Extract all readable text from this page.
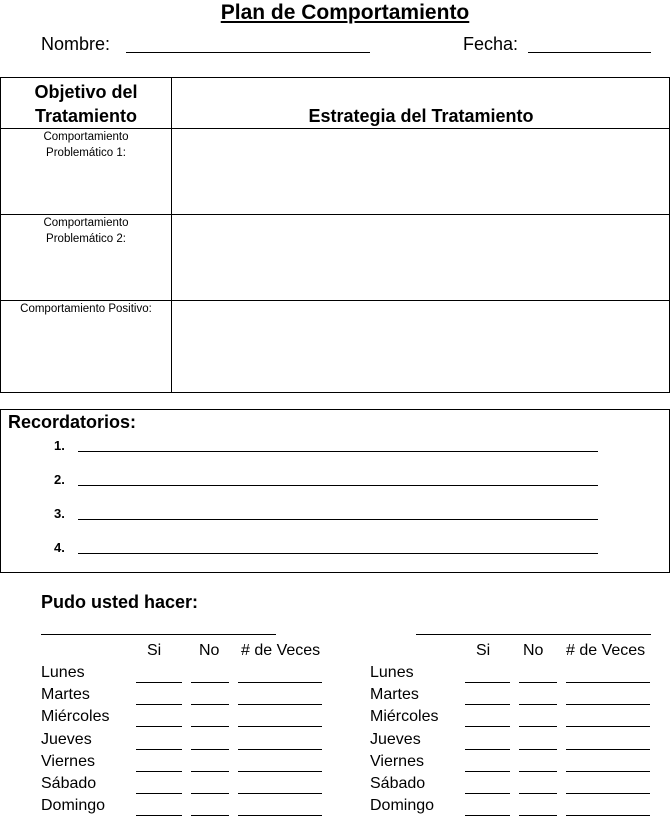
Plan de Comportamiento
Nombre:	Fecha:
Objetivo del
Tratamiento	Estrategia del Tratamiento
Comportamiento
Problemático 1:
Comportamiento
Problemático 2:
Comportamiento Positivo:
Recordatorios:
1.
2.
3.
4.
Pudo usted hacer:
Si No # de Veces
Lunes
Martes
Miércoles
Jueves
Viernes
Sábado
Domingo
Si No # de Veces
Lunes
Martes
Miércoles
Jueves
Viernes
Sábado
Domingo
